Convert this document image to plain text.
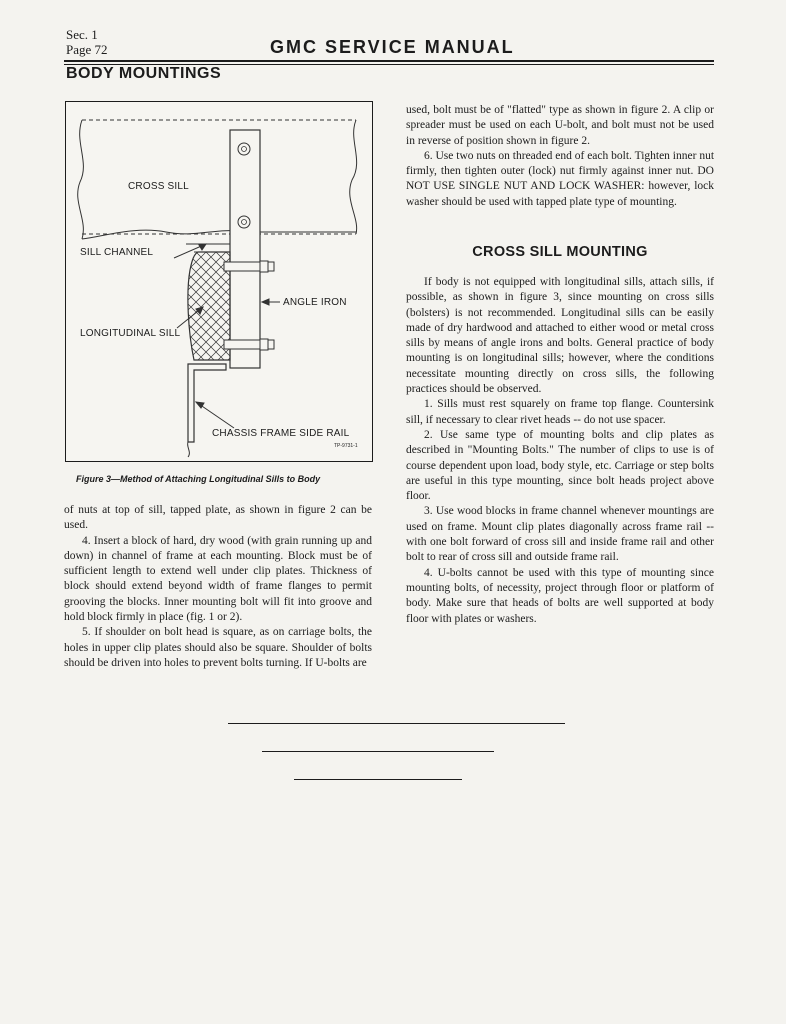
Sec. 1
Page 72	GMC SERVICE MANUAL
BODY MOUNTINGS
CROSS SILL
SILL CHANNEL
ANGLE IRON
LONGITUDINAL SILL
CHASSIS FRAME SIDE RAIL
TP-9731-1
Figure 3—Method of Attaching Longitudinal Sills to Body

of nuts at top of sill, tapped plate, as shown in figure 2 can be used.

4. Insert a block of hard, dry wood (with grain running up and down) in channel of frame at each mounting. Block must be of sufficient length to extend well under clip plates. Thickness of block should extend beyond width of frame flanges to permit grooving the blocks. Inner mounting bolt will fit into groove and hold block firmly in place (fig. 1 or 2).

5. If shoulder on bolt head is square, as on carriage bolts, the holes in upper clip plates should also be square. Shoulder of bolts should be driven into holes to prevent bolts turning. If U-bolts are

used, bolt must be of "flatted" type as shown in figure 2. A clip or spreader must be used on each U-bolt, and bolt must not be used in reverse of position shown in figure 2.

6. Use two nuts on threaded end of each bolt. Tighten inner nut firmly, then tighten outer (lock) nut firmly against inner nut. DO NOT USE SINGLE NUT AND LOCK WASHER: however, lock washer should be used with tapped plate type of mounting.

CROSS SILL MOUNTING

If body is not equipped with longitudinal sills, attach sills, if possible, as shown in figure 3, since mounting on cross sills (bolsters) is not recommended. Longitudinal sills can be easily made of dry hardwood and attached to either wood or metal cross sills by means of angle irons and bolts. General practice of body mounting is on longitudinal sills; however, where the conditions necessitate mounting directly on cross sills, the following practices should be observed.

1. Sills must rest squarely on frame top flange. Countersink sill, if necessary to clear rivet heads -- do not use spacer.

2. Use same type of mounting bolts and clip plates as described in "Mounting Bolts." The number of clips to use is of course dependent upon load, body style, etc. Carriage or step bolts are useful in this type mounting, since bolt heads project above floor.

3. Use wood blocks in frame channel whenever mountings are used on frame. Mount clip plates diagonally across frame rail -- with one bolt forward of cross sill and inside frame rail and other bolt to rear of cross sill and outside frame rail.

4. U-bolts cannot be used with this type of mounting since mounting bolts, of necessity, project through floor or platform of body. Make sure that heads of bolts are well supported at body floor with plates or washers.
